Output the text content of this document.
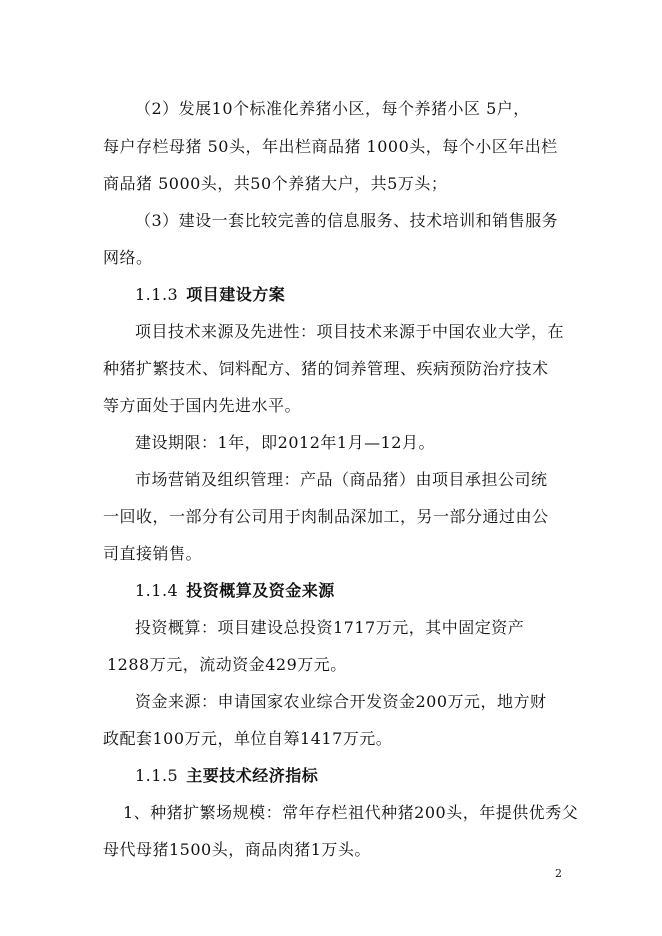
（2）发展10个标准化养猪小区，每个养猪小区 5户，
每户存栏母猪 50头，年出栏商品猪 1000头，每个小区年出栏
商品猪 5000头，共50个养猪大户，共5万头；
（3）建设一套比较完善的信息服务、技术培训和销售服务
网络。
1.1.3 项目建设方案
项目技术来源及先进性：项目技术来源于中国农业大学，在
种猪扩繁技术、饲料配方、猪的饲养管理、疾病预防治疗技术
等方面处于国内先进水平。
建设期限：1年，即2012年1月—12月。
市场营销及组织管理：产品（商品猪）由项目承担公司统
一回收，一部分有公司用于肉制品深加工，另一部分通过由公
司直接销售。
1.1.4 投资概算及资金来源
投资概算：项目建设总投资1717万元，其中固定资产
1288万元，流动资金429万元。
资金来源：申请国家农业综合开发资金200万元，地方财
政配套100万元，单位自筹1417万元。
1.1.5 主要技术经济指标
1、种猪扩繁场规模：常年存栏祖代种猪200头，年提供优秀父
母代母猪1500头，商品肉猪1万头。
2
